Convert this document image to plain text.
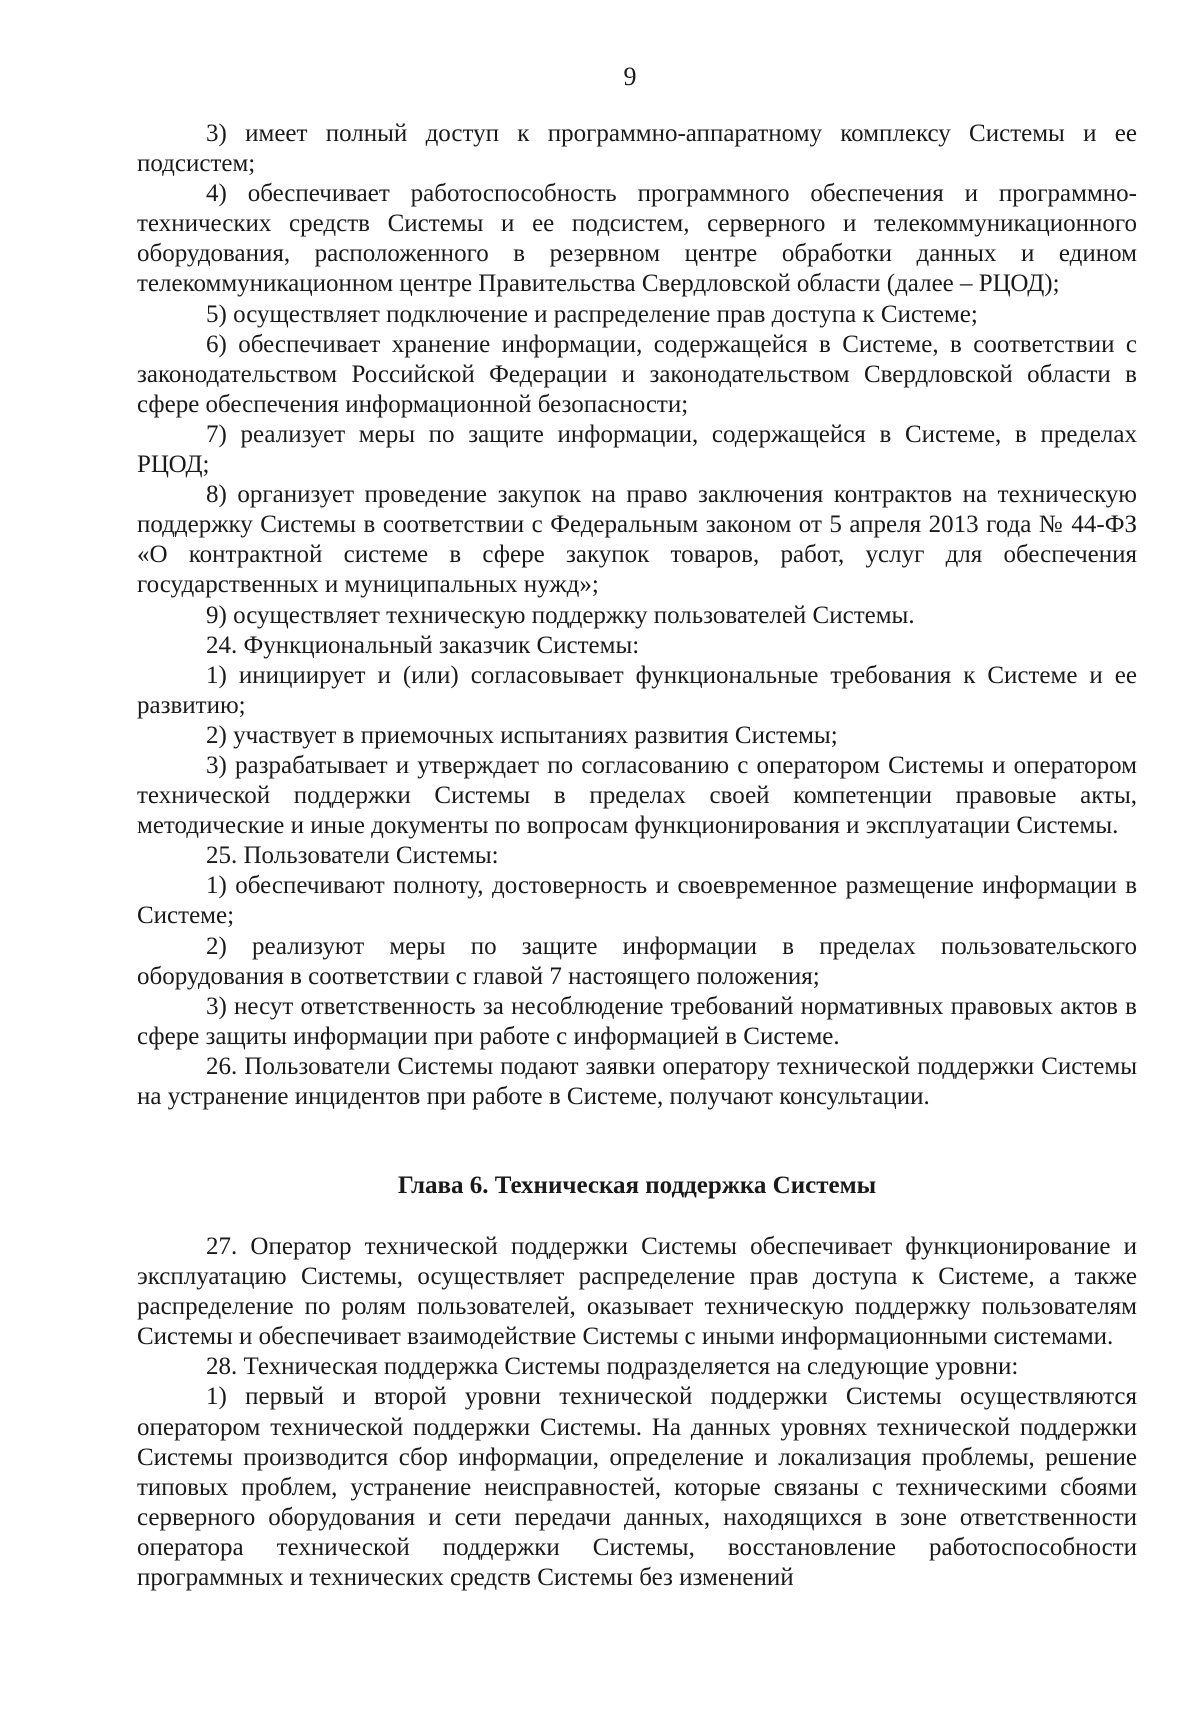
9

3) имеет полный доступ к программно-аппаратному комплексу Системы и ее подсистем;

4) обеспечивает работоспособность программного обеспечения и программно-технических средств Системы и ее подсистем, серверного и телекоммуникационного оборудования, расположенного в резервном центре обработки данных и едином телекоммуникационном центре Правительства Свердловской области (далее – РЦОД);

5) осуществляет подключение и распределение прав доступа к Системе;

6) обеспечивает хранение информации, содержащейся в Системе, в соответствии с законодательством Российской Федерации и законодательством Свердловской области в сфере обеспечения информационной безопасности;

7) реализует меры по защите информации, содержащейся в Системе, в пределах РЦОД;

8) организует проведение закупок на право заключения контрактов на техническую поддержку Системы в соответствии с Федеральным законом от 5 апреля 2013 года № 44-ФЗ «О контрактной системе в сфере закупок товаров, работ, услуг для обеспечения государственных и муниципальных нужд»;

9) осуществляет техническую поддержку пользователей Системы.

24. Функциональный заказчик Системы:

1) инициирует и (или) согласовывает функциональные требования к Системе и ее развитию;

2) участвует в приемочных испытаниях развития Системы;

3) разрабатывает и утверждает по согласованию с оператором Системы и оператором технической поддержки Системы в пределах своей компетенции правовые акты, методические и иные документы по вопросам функционирования и эксплуатации Системы.

25. Пользователи Системы:

1) обеспечивают полноту, достоверность и своевременное размещение информации в Системе;

2) реализуют меры по защите информации в пределах пользовательского оборудования в соответствии с главой 7 настоящего положения;

3) несут ответственность за несоблюдение требований нормативных правовых актов в сфере защиты информации при работе с информацией в Системе.

26. Пользователи Системы подают заявки оператору технической поддержки Системы на устранение инцидентов при работе в Системе, получают консультации.

Глава 6. Техническая поддержка Системы

27. Оператор технической поддержки Системы обеспечивает функционирование и эксплуатацию Системы, осуществляет распределение прав доступа к Системе, а также распределение по ролям пользователей, оказывает техническую поддержку пользователям Системы и обеспечивает взаимодействие Системы с иными информационными системами.

28. Техническая поддержка Системы подразделяется на следующие уровни:

1) первый и второй уровни технической поддержки Системы осуществляются оператором технической поддержки Системы. На данных уровнях технической поддержки Системы производится сбор информации, определение и локализация проблемы, решение типовых проблем, устранение неисправностей, которые связаны с техническими сбоями серверного оборудования и сети передачи данных, находящихся в зоне ответственности оператора технической поддержки Системы, восстановление работоспособности программных и технических средств Системы без изменений
